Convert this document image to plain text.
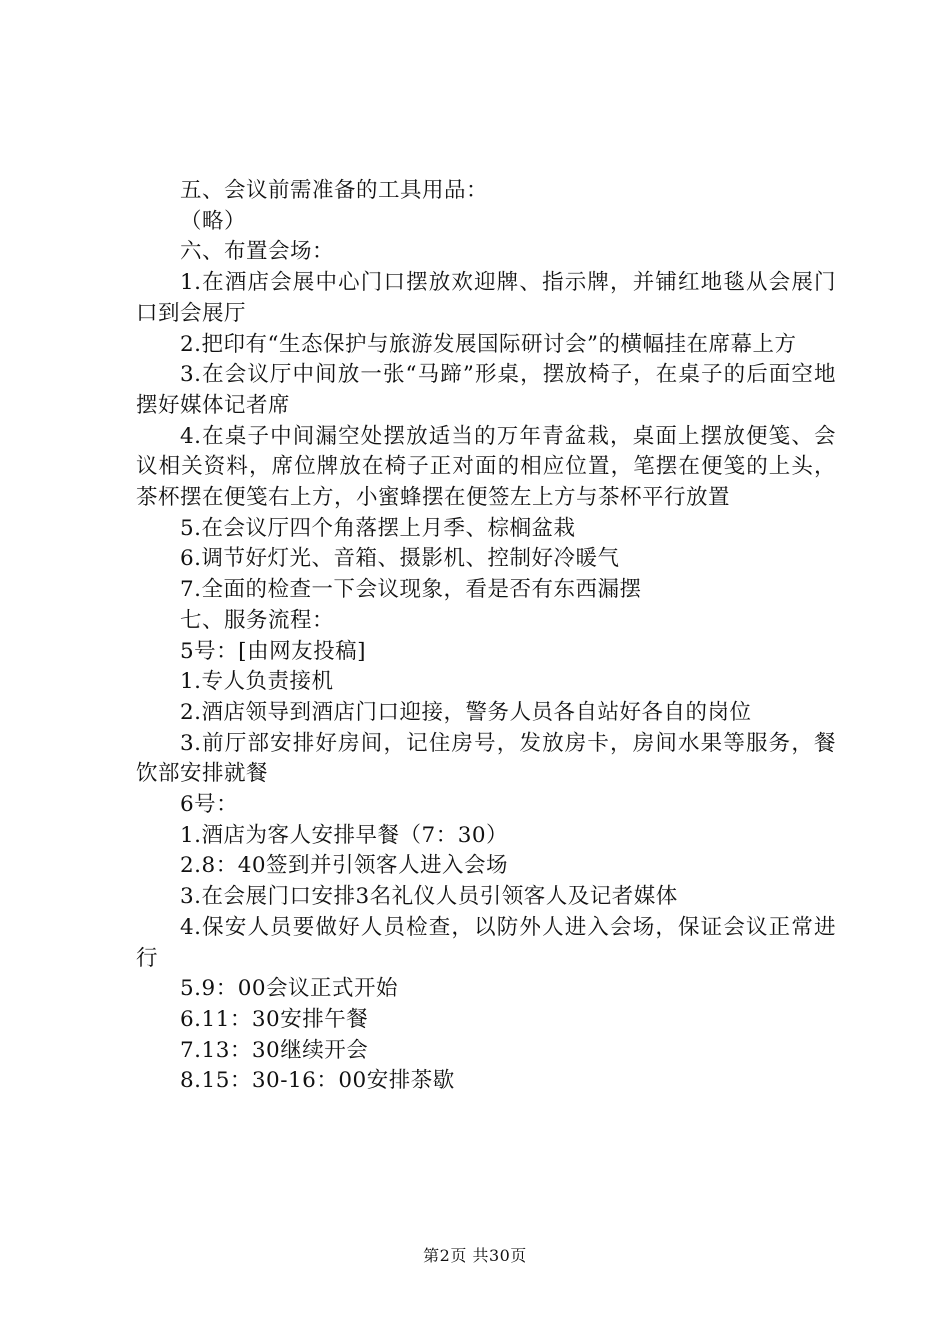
五、会议前需准备的工具用品：

（略）

六、布置会场：

1.在酒店会展中心门口摆放欢迎牌、指示牌，并铺红地毯从会展门口到会展厅

2.把印有“生态保护与旅游发展国际研讨会”的横幅挂在席幕上方

3.在会议厅中间放一张“马蹄”形桌，摆放椅子，在桌子的后面空地摆好媒体记者席

4.在桌子中间漏空处摆放适当的万年青盆栽，桌面上摆放便笺、会议相关资料，席位牌放在椅子正对面的相应位置，笔摆在便笺的上头，茶杯摆在便笺右上方，小蜜蜂摆在便签左上方与茶杯平行放置

5.在会议厅四个角落摆上月季、棕榈盆栽

6.调节好灯光、音箱、摄影机、控制好冷暖气

7.全面的检查一下会议现象，看是否有东西漏摆

七、服务流程：

5号：[由网友投稿]

1.专人负责接机

2.酒店领导到酒店门口迎接，警务人员各自站好各自的岗位

3.前厅部安排好房间，记住房号，发放房卡，房间水果等服务，餐饮部安排就餐

6号：

1.酒店为客人安排早餐（7：30）

2.8：40签到并引领客人进入会场

3.在会展门口安排3名礼仪人员引领客人及记者媒体

4.保安人员要做好人员检查，以防外人进入会场，保证会议正常进行

5.9：00会议正式开始

6.11：30安排午餐

7.13：30继续开会

8.15：30-16：00安排茶歇

第2页 共30页
